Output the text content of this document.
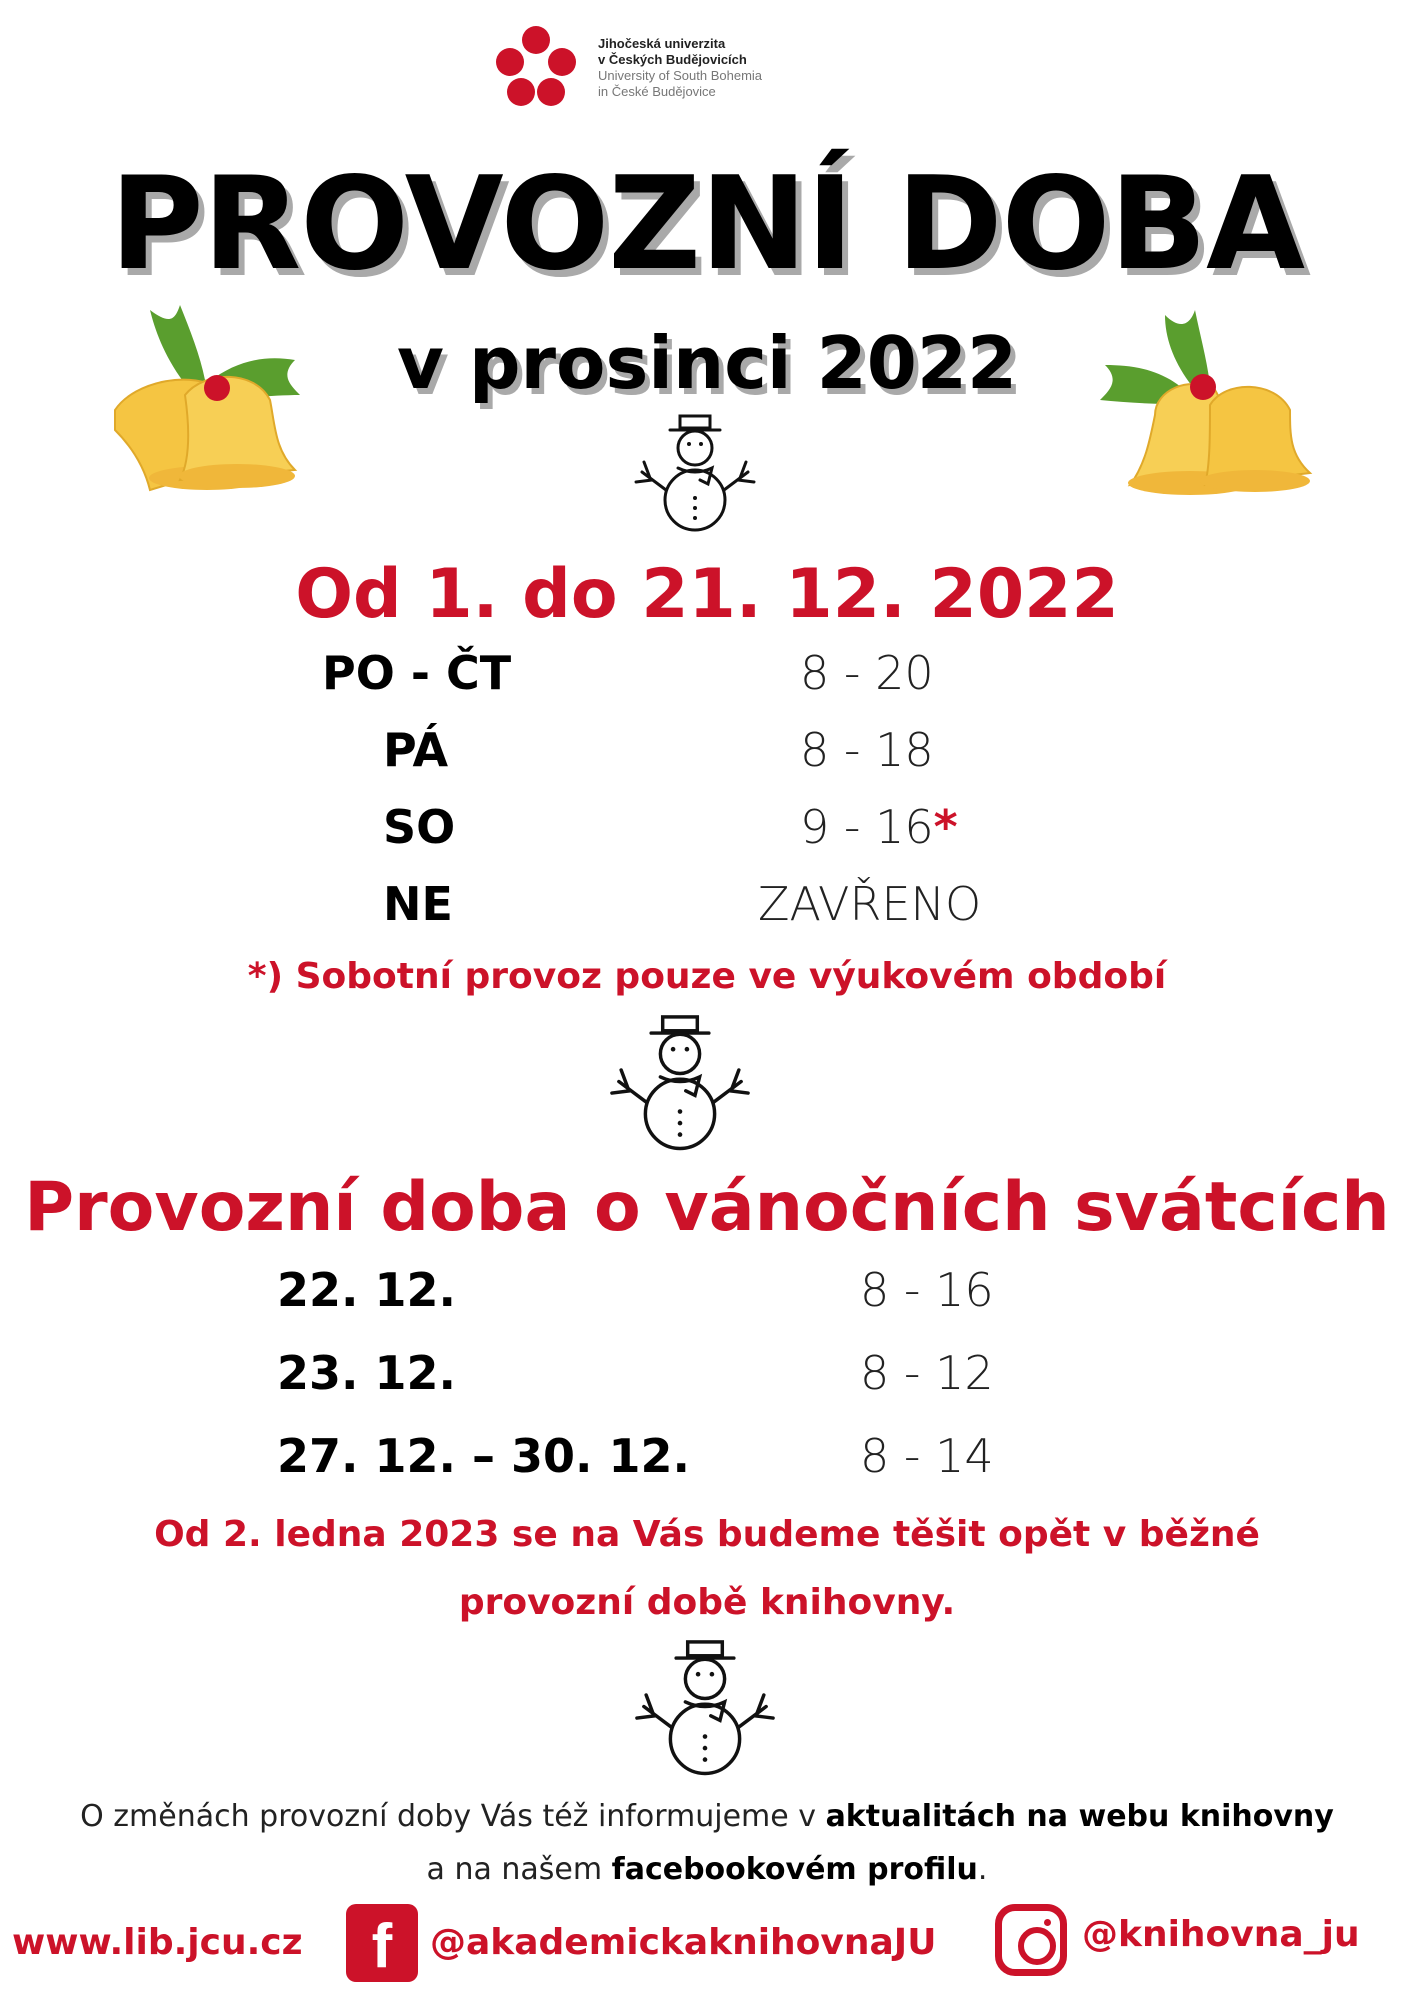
Jihočeská univerzita
v Českých Budějovicích
University of South Bohemia
in České Budějovice
PROVOZNÍ DOBA
v prosinci 2022
Od 1. do 21. 12. 2022
PO - ČT	8 - 20
PÁ	8 - 18
SO	9 - 16*
NE	ZAVŘENO
*) Sobotní provoz pouze ve výukovém období
Provozní doba o vánočních svátcích
22. 12.	8 - 16
23. 12.	8 - 12
27. 12. – 30. 12.	8 - 14
Od 2. ledna 2023 se na Vás budeme těšit opět v běžné
provozní době knihovny.
O změnách provozní doby Vás též informujeme v aktualitách na webu knihovny
a na našem facebookovém profilu.
www.lib.jcu.cz	f	@akademickaknihovnaJU	@knihovna_ju
